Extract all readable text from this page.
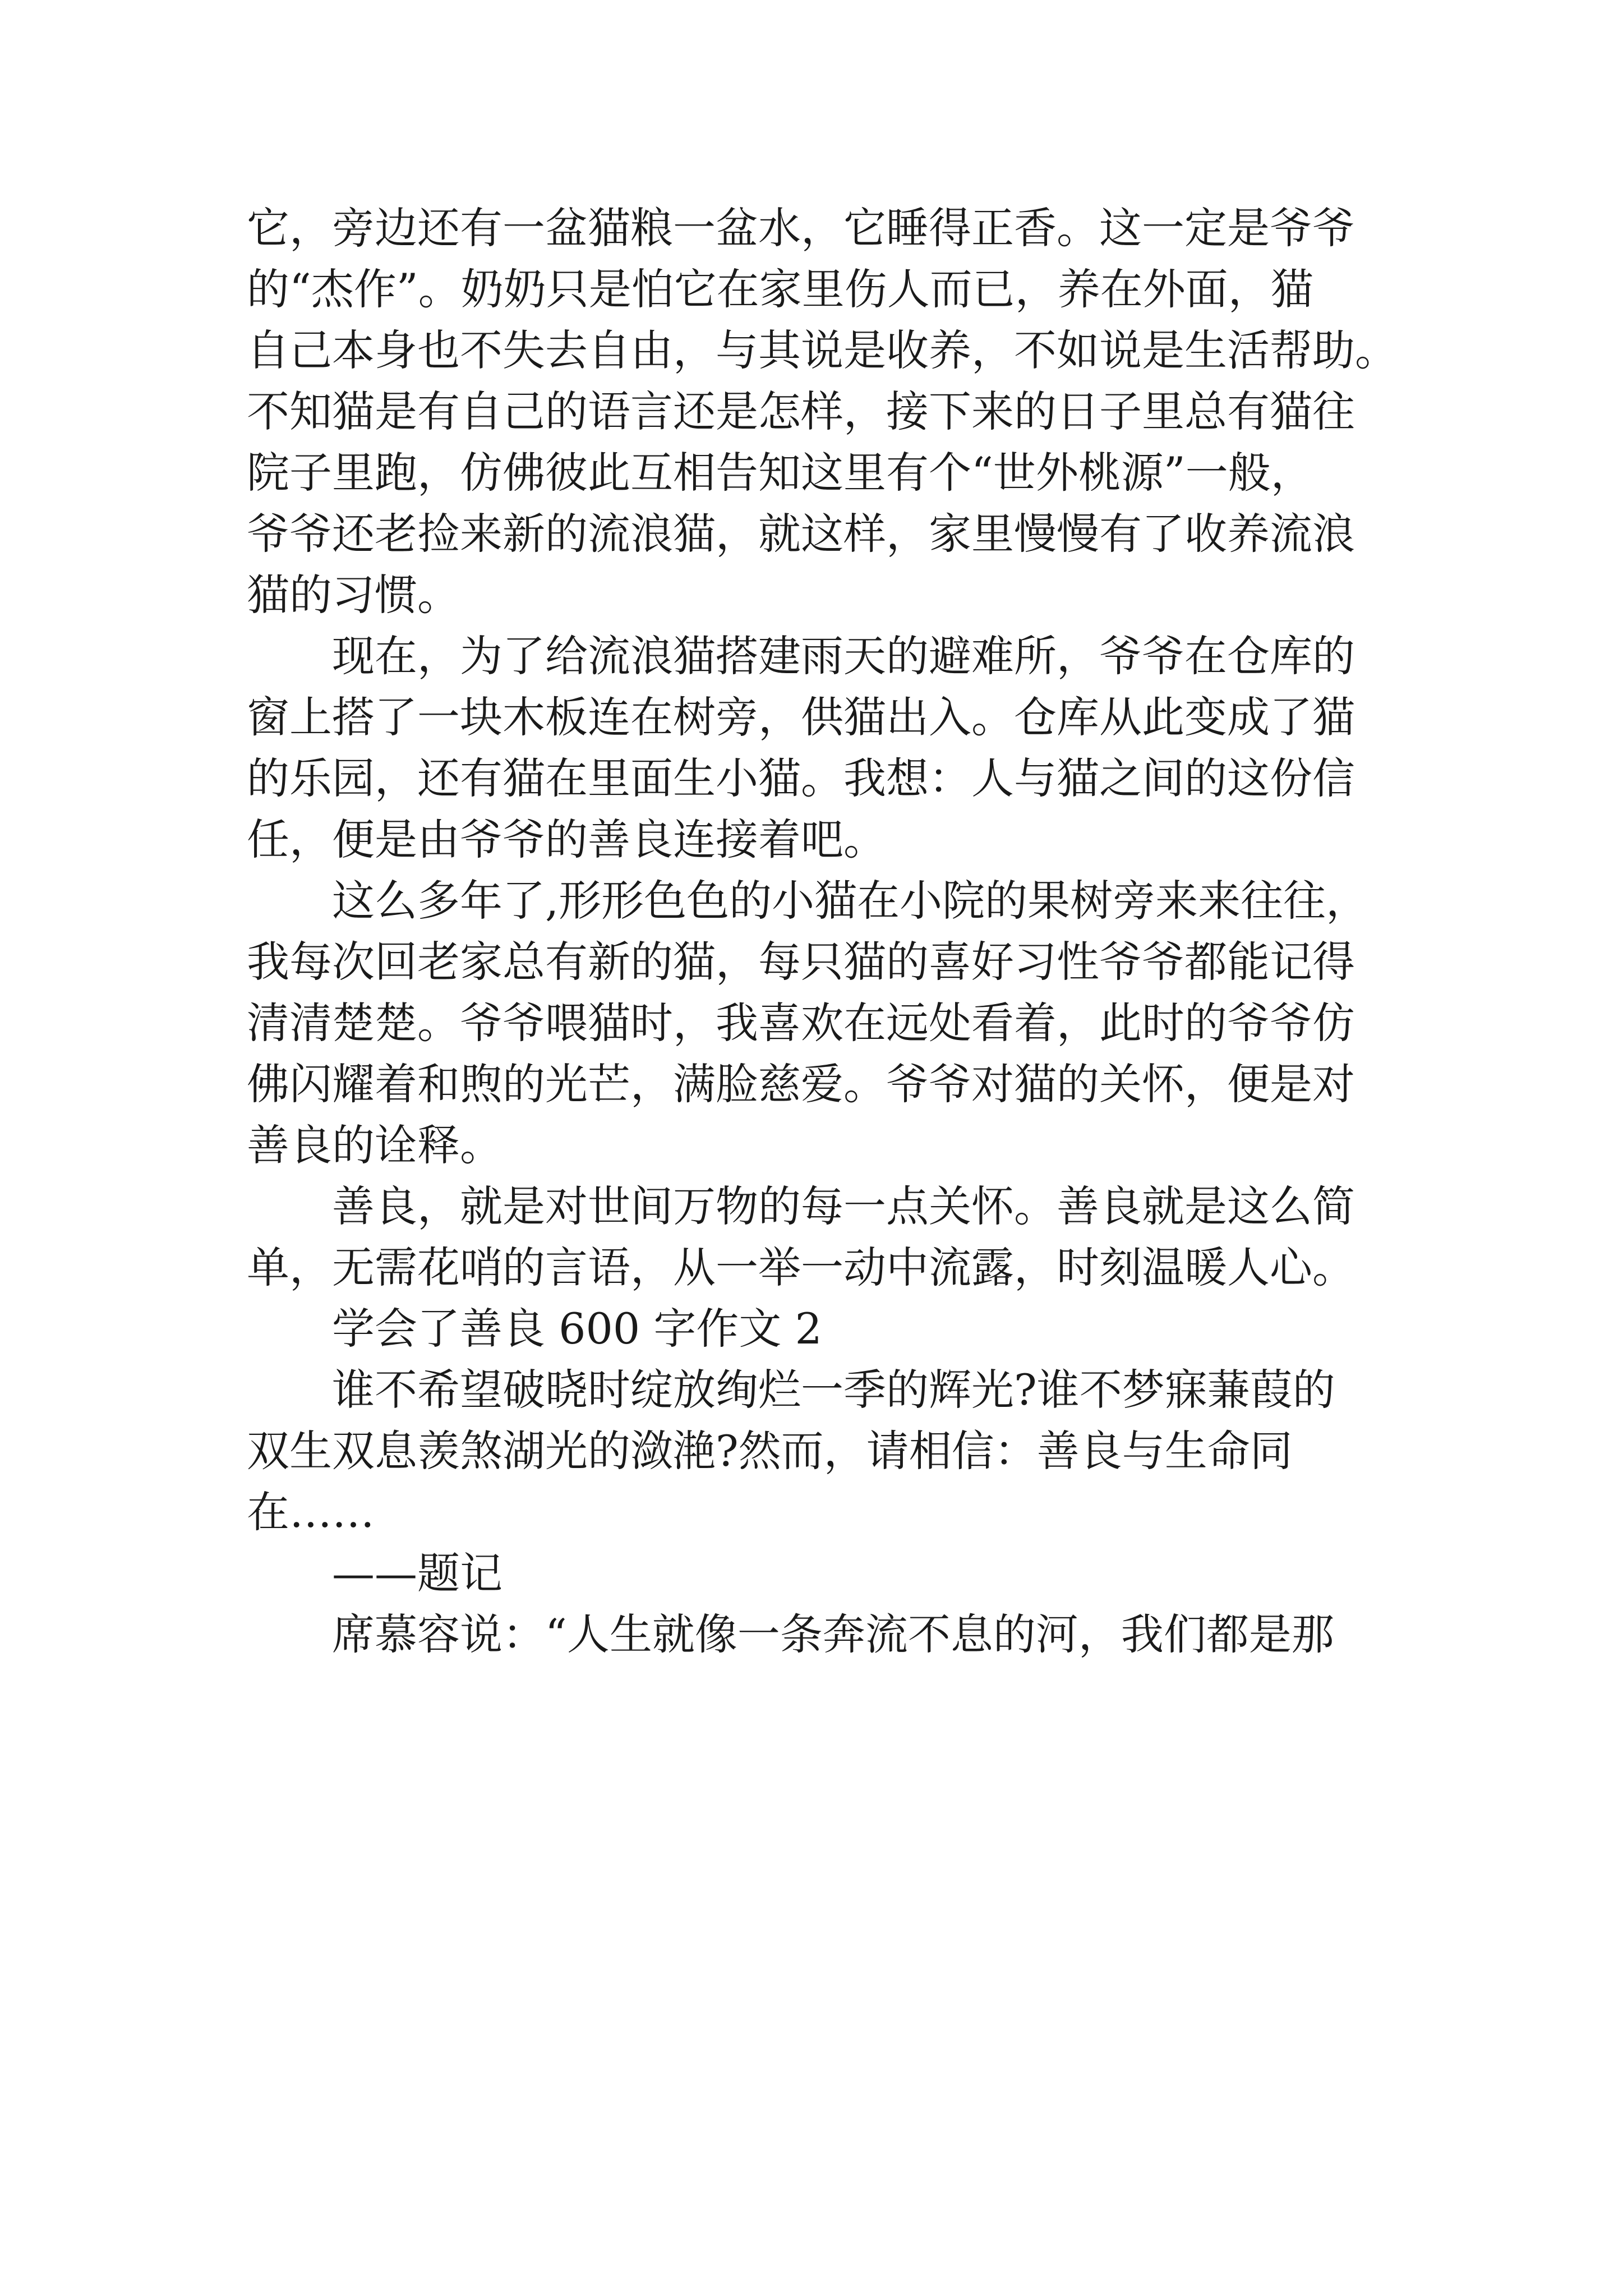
它，旁边还有一盆猫粮一盆水，它睡得正香。这一定是爷爷
的“杰作”。奶奶只是怕它在家里伤人而已，养在外面，猫
自己本身也不失去自由，与其说是收养，不如说是生活帮助。
不知猫是有自己的语言还是怎样，接下来的日子里总有猫往
院子里跑，仿佛彼此互相告知这里有个“世外桃源”一般，
爷爷还老捡来新的流浪猫，就这样，家里慢慢有了收养流浪
猫的习惯。
现在，为了给流浪猫搭建雨天的避难所，爷爷在仓库的
窗上搭了一块木板连在树旁，供猫出入。仓库从此变成了猫
的乐园，还有猫在里面生小猫。我想：人与猫之间的这份信
任，便是由爷爷的善良连接着吧。
这么多年了,形形色色的小猫在小院的果树旁来来往往，
我每次回老家总有新的猫，每只猫的喜好习性爷爷都能记得
清清楚楚。爷爷喂猫时，我喜欢在远处看着，此时的爷爷仿
佛闪耀着和煦的光芒，满脸慈爱。爷爷对猫的关怀，便是对
善良的诠释。
善良，就是对世间万物的每一点关怀。善良就是这么简
单，无需花哨的言语，从一举一动中流露，时刻温暖人心。
学会了善良 600 字作文 2
谁不希望破晓时绽放绚烂一季的辉光?谁不梦寐蒹葭的
双生双息羡煞湖光的潋滟?然而，请相信：善良与生命同
在……
——题记
席慕容说：“人生就像一条奔流不息的河，我们都是那
